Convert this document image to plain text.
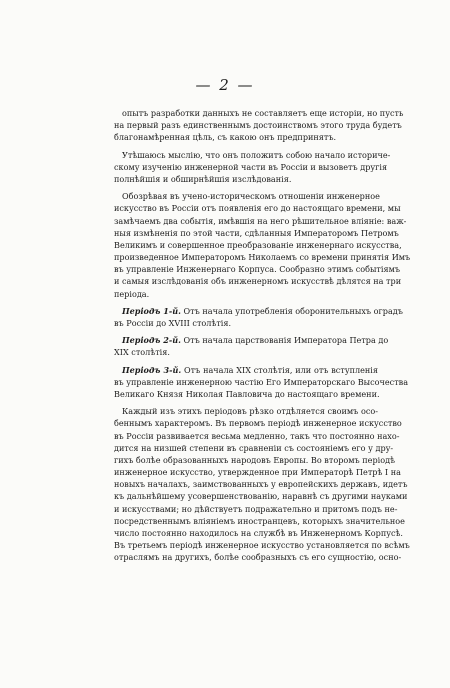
— 2 —
опытъ разработки данныхъ не составляетъ еще исторiи, но пусть
на первый разъ единственнымъ достоинствомъ этого труда будетъ
благонамѣренная цѣль, съ какою онъ предпринятъ.
Утѣшаюсь мыслiю, что онъ положитъ собою начало историче-
скому изученiю инженерной части въ Россiи и вызоветъ другiя
полнѣйшiя и обширнѣйшiя изслѣдованiя.
Обозрѣвая въ учено-историческомъ отношенiи инженерное
искусство въ Россiи отъ появленiя его до настоящаго времени, мы
замѣчаемъ два событiя, имѣвшiя на него рѣшительное влiянiе: важ-
ныя измѣненiя по этой части, сдѣланныя Императоромъ Петромъ
Великимъ и совершенное преобразованiе инженернаго искусства,
произведенное Императоромъ Николаемъ со времени принятiя Имъ
въ управленiе Инженернаго Корпуса. Сообразно этимъ событiямъ
и самыя изслѣдованiя объ инженерномъ искусствѣ дѣлятся на три
перiода.
Перiодъ 1-й. Отъ начала употребленiя оборонительныхъ оградъ
въ Россiи до XVIII столѣтiя.
Перiодъ 2-й. Отъ начала царствованiя Императора Петра до
XIX столѣтiя.
Перiодъ 3-й. Отъ начала XIX столѣтiя, или отъ вступленiя
въ управленiе инженерною частiю Его Императорскаго Высочества
Великаго Князя Николая Павловича до настоящаго времени.
Каждый изъ этихъ перiодовъ рѣзко отдѣляется своимъ осо-
беннымъ характеромъ. Въ первомъ перiодѣ инженерное искусство
въ Россiи развивается весьма медленно, такъ что постоянно нахо-
дится на низшей степени въ сравненiи съ состоянiемъ его у дру-
гихъ болѣе образованныхъ народовъ Европы. Во второмъ перiодѣ
инженерное искусство, утвержденное при Императорѣ Петрѣ I на
новыхъ началахъ, заимствованныхъ у европейскихъ державъ, идетъ
къ дальнѣйшему усовершенствованiю, наравнѣ съ другими науками
и искусствами; но дѣйствуетъ подражательно и притомъ подъ не-
посредственнымъ влiянiемъ иностранцевъ, которыхъ значительное
число постоянно находилось на службѣ въ Инженерномъ Корпусѣ.
Въ третьемъ перiодѣ инженерное искусство установляется по всѣмъ
отраслямъ на другихъ, болѣе сообразныхъ съ его сущностiю, осно-
